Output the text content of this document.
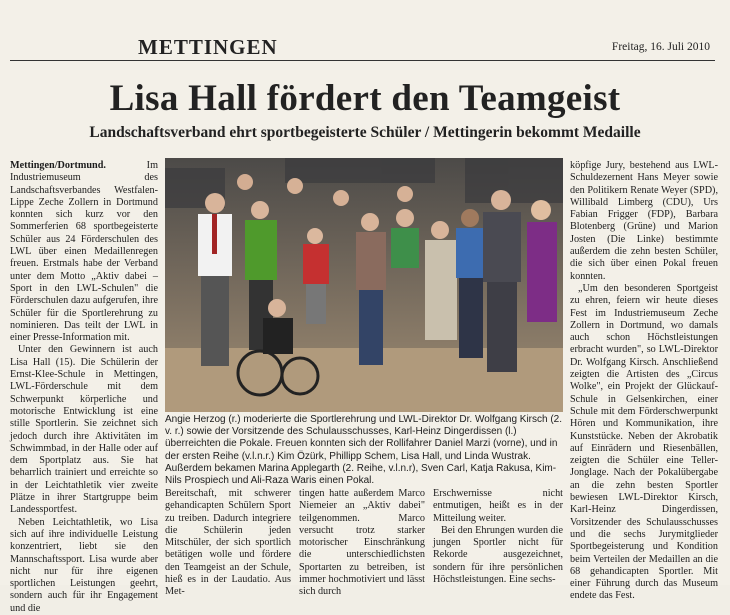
METTINGEN	Freitag, 16. Juli 2010
Lisa Hall fördert den Teamgeist
Landschaftsverband ehrt sportbegeisterte Schüler / Mettingerin bekommt Medaille

Mettingen/Dortmund.	Im Industriemuseum des Landschaftsverbandes Westfalen-Lippe Zeche Zollern in Dortmund konnten sich kurz vor den Sommerferien 68 sportbegeisterte Schüler aus 24 Förderschulen des LWL über einen Medaillenregen freuen. Erstmals habe der Verband unter dem Motto „Aktiv dabei – Sport in den LWL-Schulen" die Förderschulen dazu aufgerufen, ihre Schüler für die Sportlerehrung zu nominieren. Das teilt der LWL in einer Presse-Information mit.

Unter den Gewinnern ist auch Lisa Hall (15). Die Schülerin der Ernst-Klee-Schule in Mettingen, LWL-Förderschule mit dem Schwerpunkt körperliche und motorische Entwicklung ist eine stille Sportlerin. Sie zeichnet sich jedoch durch ihre Aktivitäten im Schwimmbad, in der Halle oder auf dem Sportplatz aus. Sie hat beharrlich trainiert und erreichte so in der Leichtathletik vier zweite Plätze in ihrer Startgruppe beim Landessportfest.

Neben Leichtathletik, wo Lisa sich auf ihre individuelle Leistung konzentriert, liebt sie den Mannschaftssport. Lisa wurde aber nicht nur für ihre eigenen sportlichen Leistungen geehrt, sondern auch für ihr Engagement und die

Angie Herzog (r.) moderierte die Sportlerehrung und LWL-Direktor Dr. Wolfgang Kirsch (2. v. r.) sowie der Vorsitzende des Schulausschusses, Karl-Heinz Dingerdissen (l.) überreichten die Pokale. Freuen konnten sich der Rollifahrer Daniel Marzi (vorne), und in der ersten Reihe (v.l.n.r.) Kim Özürk, Phillipp Schem, Lisa Hall, und Linda Wustrak. Außerdem bekamen Marina Applegarth (2. Reihe, v.l.n.r), Sven Carl, Katja Rakusa, Kim-Nils Prospiech und Ali-Raza Waris einen Pokal.

Bereitschaft, mit schwerer gehandicapten Schülern Sport zu treiben. Dadurch integriere die Schülerin jeden Mitschüler, der sich sportlich betätigen wolle und fördere den Teamgeist an der Schule, hieß es in der Laudatio. Aus Met-

tingen hatte außerdem Marco Niemeier an „Aktiv dabei" teilgenommen. Marco versucht trotz starker motorischer Einschränkung die unterschiedlichsten Sportarten zu betreiben, ist immer hochmotiviert und lässt sich durch

Erschwernisse nicht entmutigen, heißt es in der Mitteilung weiter.

Bei den Ehrungen wurden die jungen Sportler nicht für Rekorde ausgezeichnet, sondern für ihre persönlichen Höchstleistungen. Eine sechs-

köpfige Jury, bestehend aus LWL-Schuldezernent Hans Meyer sowie den Politikern Renate Weyer (SPD), Willibald Limberg (CDU), Urs Fabian Frigger (FDP), Barbara Blotenberg (Grüne) und Marion Josten (Die Linke) bestimmte außerdem die zehn besten Schüler, die sich über einen Pokal freuen konnten.

„Um den besonderen Sportgeist zu ehren, feiern wir heute dieses Fest im Industriemuseum Zeche Zollern in Dortmund, wo damals auch schon Höchstleistungen erbracht wurden", so LWL-Direktor Dr. Wolfgang Kirsch. Anschließend zeigten die Artisten des „Circus Wolke", ein Projekt der Glückauf-Schule in Gelsenkirchen, einer Schule mit dem Förderschwerpunkt Hören und Kommunikation, ihre Kunststücke. Neben der Akrobatik auf Einrädern und Riesenbällen, zeigten die Schüler eine Teller-Jonglage. Nach der Pokalübergabe an die zehn besten Sportler bewiesen LWL-Direktor Kirsch, Karl-Heinz Dingerdissen, Vorsitzender des Schulausschusses und die sechs Jurymitglieder Sportbegeisterung und Kondition beim Verteilen der Medaillen an die 68 gehandicapten Sportler. Mit einer Führung durch das Museum endete das Fest.
